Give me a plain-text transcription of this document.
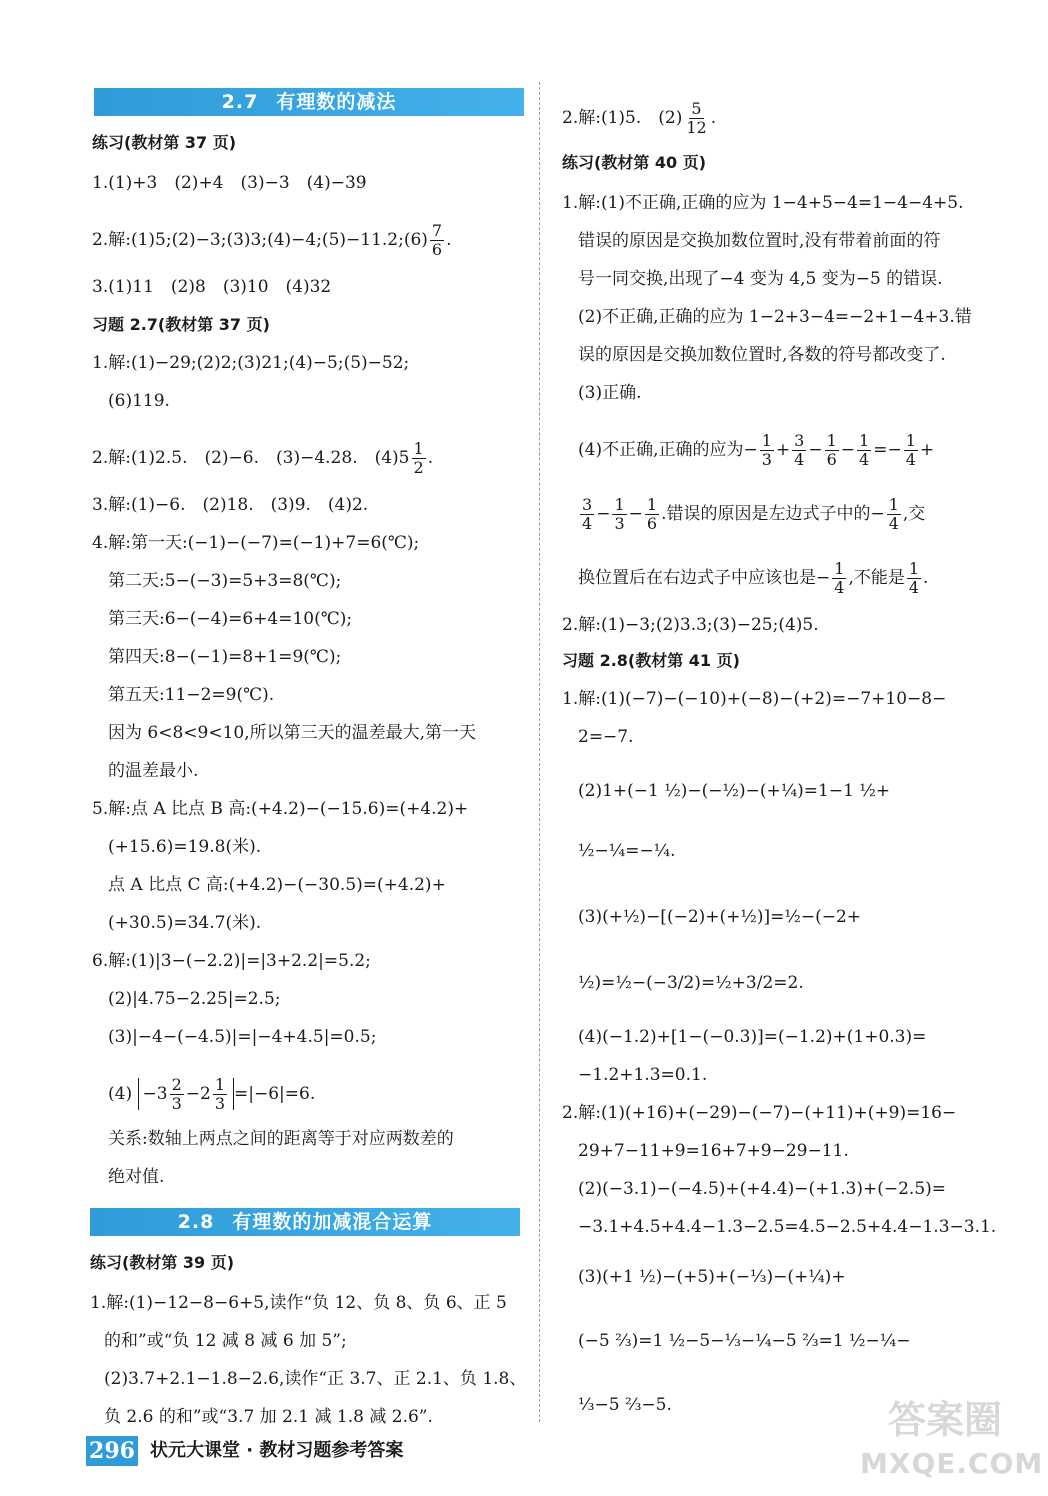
2.7 有理数的减法
练习(教材第 37 页)
1.(1)+3　(2)+4　(3)−3　(4)−39
2.解:(1)5;(2)−3;(3)3;(4)−4;(5)−11.2;(6) $\frac{7}{6}$ .
3.(1)11　(2)8　(3)10　(4)32
习题 2.7(教材第 37 页)
1.解:(1)−29;(2)2;(3)21;(4)−5;(5)−52;
(6)119.
2.解:(1)2.5.　(2)−6.　(3)−4.28.　$(4)5 \frac{1}{2}$ .
3.解:(1)−6.　(2)18.　(3)9.　(4)2.
4.解:第一天:(−1)−(−7)=(−1)+7=6(℃);
第二天:5−(−3)=5+3=8(℃);
第三天:6−(−4)=6+4=10(℃);
第四天:8−(−1)=8+1=9(℃);
第五天:11−2=9(℃).
因为 6<8<9<10,所以第三天的温差最大,第一天
的温差最小.
5.解:点 A 比点 B 高:(+4.2)−(−15.6)=(+4.2)+
(+15.6)=19.8(米).
点 A 比点 C 高:(+4.2)−(−30.5)=(+4.2)+
(+30.5)=34.7(米).
6.解:(1)|3−(−2.2)|=|3+2.2|=5.2;
(2)|4.75−2.25|=2.5;
(3)|−4−(−4.5)|=|−4+4.5|=0.5;
$(4) -3 \frac{2}{3} -2 \frac{1}{3} =|-6|=6$.
关系:数轴上两点之间的距离等于对应两数差的
绝对值.
2.8 有理数的加减混合运算
练习(教材第 39 页)
1.解:(1)−12−8−6+5,读作“负 12、负 8、负 6、正 5
的和”或“负 12 减 8 减 6 加 5”;
(2)3.7+2.1−1.8−2.6,读作“正 3.7、正 2.1、负 1.8、
负 2.6 的和”或“3.7 加 2.1 减 1.8 减 2.6”.
2.解:(1)5.　$(2) \frac{5}{12}$ .
练习(教材第 40 页)
1.解:(1)不正确,正确的应为 1−4+5−4=1−4−4+5.
错误的原因是交换加数位置时,没有带着前面的符
号一同交换,出现了−4 变为 4,5 变为−5 的错误.
(2)不正确,正确的应为 1−2+3−4=−2+1−4+3.错
误的原因是交换加数位置时,各数的符号都改变了.
(3)正确.
(4)不正确,正确的应为− $\frac{1}{3} + \frac{3}{4} - \frac{1}{6} - \frac{1}{4} =- \frac{1}{4}$ +
$\frac{3}{4} - \frac{1}{3} - \frac{1}{6}$ .错误的原因是左边式子中的− $\frac{1}{4}$ ,交
换位置后在右边式子中应该也是− $\frac{1}{4}$ ,不能是 $\frac{1}{4}$ .
2.解:(1)−3;(2)3.3;(3)−25;(4)5.
习题 2.8(教材第 41 页)
1.解:(1)(−7)−(−10)+(−8)−(+2)=−7+10−8−
2=−7.
(2)1+(−1 ½)−(−½)−(+¼)=1−1 ½+
½−¼=−¼.
(3)(+½)−[(−2)+(+½)]=½−(−2+
½)=½−(−3/2)=½+3/2=2.
(4)(−1.2)+[1−(−0.3)]=(−1.2)+(1+0.3)=
−1.2+1.3=0.1.
2.解:(1)(+16)+(−29)−(−7)−(+11)+(+9)=16−
29+7−11+9=16+7+9−29−11.
(2)(−3.1)−(−4.5)+(+4.4)−(+1.3)+(−2.5)=
−3.1+4.5+4.4−1.3−2.5=4.5−2.5+4.4−1.3−3.1.
(3)(+1 ½)−(+5)+(−⅓)−(+¼)+
(−5 ⅔)=1 ½−5−⅓−¼−5 ⅔=1 ½−¼−
⅓−5 ⅔−5.
296 状元大课堂 · 教材习题参考答案
答案圈
MXQE.COM
